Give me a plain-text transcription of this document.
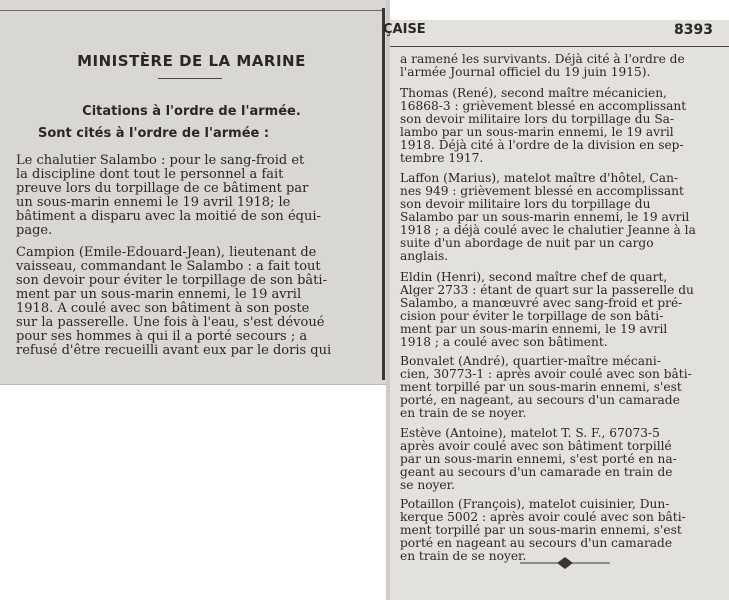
ÇAISE	8393
MINISTÈRE DE LA MARINE
Citations à l'ordre de l'armée.

Sont cités à l'ordre de l'armée :

Le chalutier Salambo : pour le sang-froid et

la discipline dont tout le personnel a fait

preuve lors du torpillage de ce bâtiment par

un sous-marin ennemi le 19 avril 1918; le

bâtiment a disparu avec la moitié de son équi-

page.

Campion (Emile-Edouard-Jean), lieutenant de

vaisseau, commandant le Salambo : a fait tout

son devoir pour éviter le torpillage de son bâti-

ment par un sous-marin ennemi, le 19 avril

1918. A coulé avec son bâtiment à son poste

sur la passerelle. Une fois à l'eau, s'est dévoué

pour ses hommes à qui il a porté secours ; a

refusé d'être recueilli avant eux par le doris qui

a ramené les survivants. Déjà cité à l'ordre de

l'armée Journal officiel du 19 juin 1915).

Thomas (René), second maître mécanicien,

16868-3 : grièvement blessé en accomplissant

son devoir militaire lors du torpillage du Sa-

lambo par un sous-marin ennemi, le 19 avril

1918. Déjà cité à l'ordre de la division en sep-

tembre 1917.

Laffon (Marius), matelot maître d'hôtel, Can-

nes 949 : grièvement blessé en accomplissant

son devoir militaire lors du torpillage du

Salambo par un sous-marin ennemi, le 19 avril

1918 ; a déjà coulé avec le chalutier Jeanne à la

suite d'un abordage de nuit par un cargo

anglais.

Eldin (Henri), second maître chef de quart,

Alger 2733 : étant de quart sur la passerelle du

Salambo, a manœuvré avec sang-froid et pré-

cision pour éviter le torpillage de son bâti-

ment par un sous-marin ennemi, le 19 avril

1918 ; a coulé avec son bâtiment.

Bonvalet (André), quartier-maître mécani-

cien, 30773-1 : après avoir coulé avec son bâti-

ment torpillé par un sous-marin ennemi, s'est

porté, en nageant, au secours d'un camarade

en train de se noyer.

Estève (Antoine), matelot T. S. F., 67073-5

après avoir coulé avec son bâtiment torpillé

par un sous-marin ennemi, s'est porté en na-

geant au secours d'un camarade en train de

se noyer.

Potaillon (François), matelot cuisinier, Dun-

kerque 5002 : après avoir coulé avec son bâti-

ment torpillé par un sous-marin ennemi, s'est

porté en nageant au secours d'un camarade

en train de se noyer.
